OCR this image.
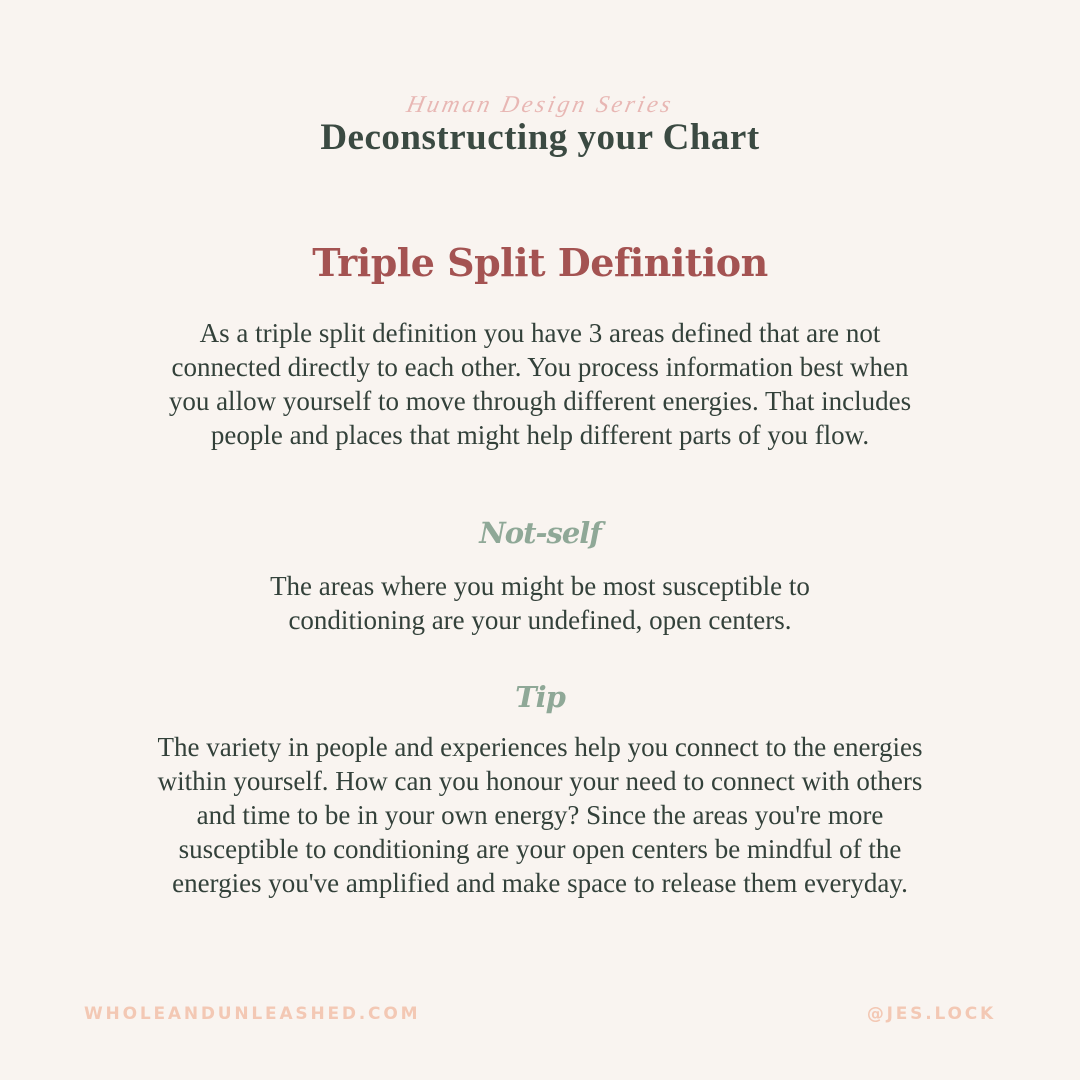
Human Design Series

Deconstructing your Chart
Triple Split Definition

As a triple split definition you have 3 areas defined that are not
connected directly to each other. You process information best when
you allow yourself to move through different energies. That includes
people and places that might help different parts of you flow.

Not-self

The areas where you might be most susceptible to
conditioning are your undefined, open centers.

Tip

The variety in people and experiences help you connect to the energies
within yourself. How can you honour your need to connect with others
and time to be in your own energy? Since the areas you're more
susceptible to conditioning are your open centers be mindful of the
energies you've amplified and make space to release them everyday.

WHOLEANDUNLEASHED.COM	@JES.LOCK
